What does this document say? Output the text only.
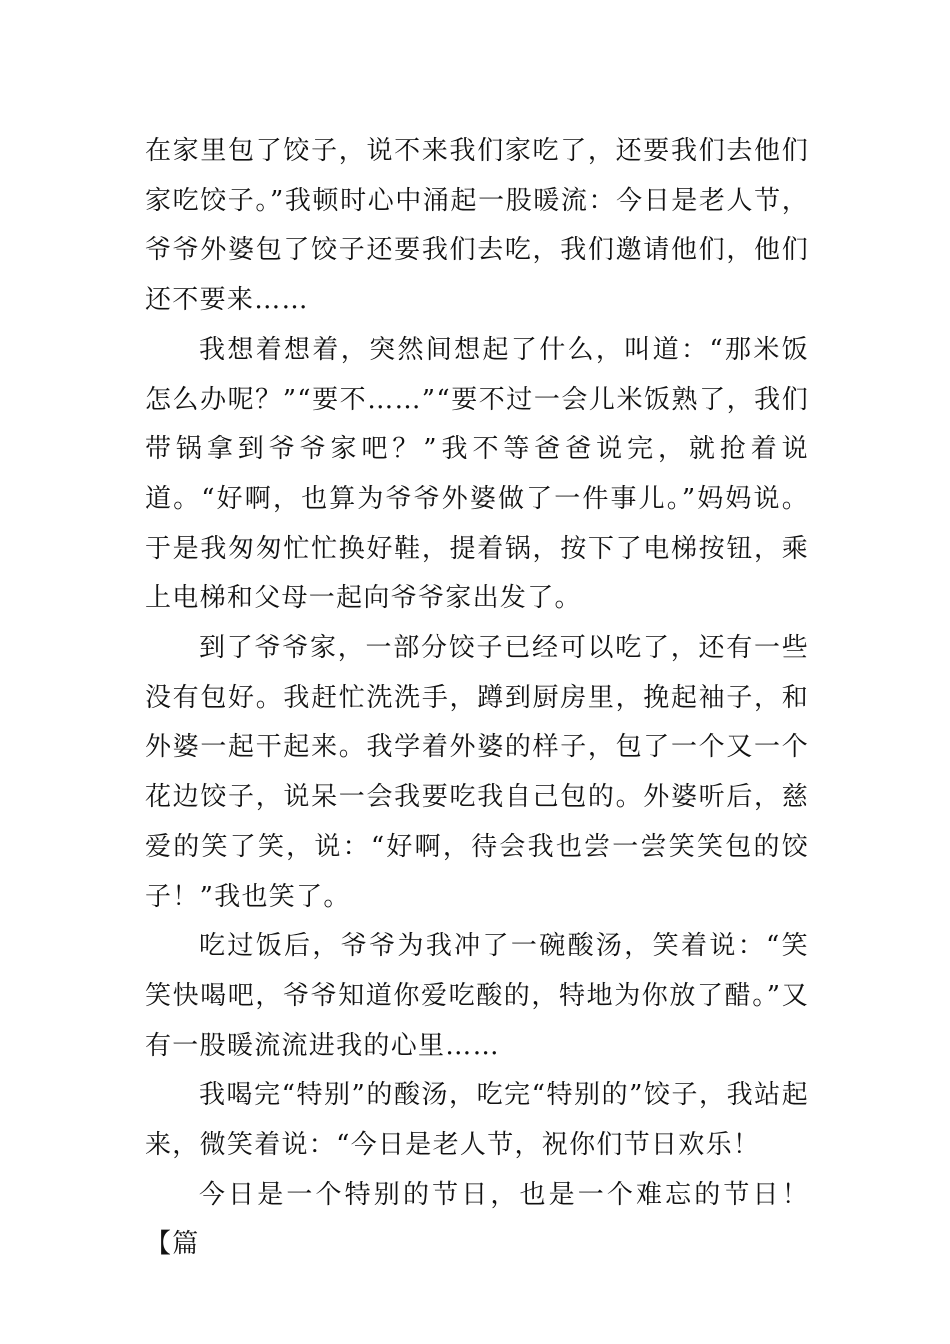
在家里包了饺子，说不来我们家吃了，还要我们去他们家吃饺子。”我顿时心中涌起一股暖流：今日是老人节，爷爷外婆包了饺子还要我们去吃，我们邀请他们，他们还不要来……

我想着想着，突然间想起了什么，叫道：“那米饭怎么办呢？”“要不……”“要不过一会儿米饭熟了，我们带锅拿到爷爷家吧？”我不等爸爸说完，就抢着说道。“好啊，也算为爷爷外婆做了一件事儿。”妈妈说。于是我匆匆忙忙换好鞋，提着锅，按下了电梯按钮，乘上电梯和父母一起向爷爷家出发了。

到了爷爷家，一部分饺子已经可以吃了，还有一些没有包好。我赶忙洗洗手，蹲到厨房里，挽起袖子，和外婆一起干起来。我学着外婆的样子，包了一个又一个花边饺子，说呆一会我要吃我自己包的。外婆听后，慈爱的笑了笑，说：“好啊，待会我也尝一尝笑笑包的饺子！”我也笑了。

吃过饭后，爷爷为我冲了一碗酸汤，笑着说：“笑笑快喝吧，爷爷知道你爱吃酸的，特地为你放了醋。”又有一股暖流流进我的心里……

我喝完“特别”的酸汤，吃完“特别的”饺子，我站起来，微笑着说：“今日是老人节，祝你们节日欢乐！

今日是一个特别的节日，也是一个难忘的节日！【篇
